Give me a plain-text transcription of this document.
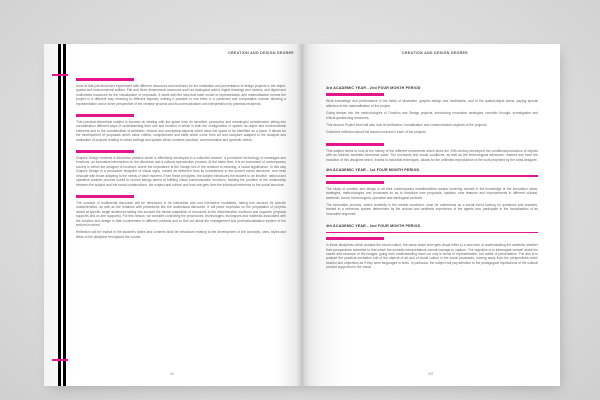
CREATION AND DESIGN DEGREE

Aims at that just about and experiment with different resources and mediums for the realisation and presentation of design projects in the object, spatial and environmental artifact. Flat and three dimensional resources such as analogical and/or digital drawings and models, and digital and multimedia resources for the visualization of proposals. It starts with the idea that each model of representation and materialisation means the project in a different way meaning to different aspects, making it possible to use them in a combined and comparative manner allowing a representation and a richer perspective of the creative process and its communication and interpretation by potential recipients.

This practical-theoretical subject is focused on dealing with the space from its sensitive, perceptive and meaningful consideration taking into consideration different ways of understanding their use and function in which is both the configuration of spaces as object and environmental elements and to the consideration of aesthetic, historic and conceptual aspects which allow the space to be identified as a place. It allows for the development of proposals which value criteria, competences and skills which come from art and sculpture adapted to the analysis and realisation of projects relating to urban settings and spaces which combine practical, communicative and symbolic needs.

Graphic Design receives a discursive practice which is effectively developed in a collective manner, a productive technology of messages and functions, an innovative intervention on the discourse and a cultural reproduction process. At the same time, it is an instrument of contemporary society in which the designer is involved, where the importance is the Design lies in the creation of meaning, a social significance. In this way Graphic Design is a productive discipline of visual signs, named as delivered from its commitment to the current social discourse, and must innovate with those adapting to the needs of each moment. From these principles, the subject introduces the student to an intuitive, rational and operative creative process useful to human beings aimed at fulfilling visual communication functions, tackling the problem of the relationship between the subject and the social constructions, the subject and culture and how one gets from the individual reference to the social structure.

The concept of multimedia discourse will be developed in its interactive and non interactive modalities, taking into account its specific characteristics, as well as the relations with precedents like the audiovisual discourse. It will place emphasis on the preparation of projects aimed at specific target audiences taking into account the formal adaptation of resources to the dissemination mediums and supports (physical supports and on-line supports). For this reason, we consider controlling the procedures, technologies, techniques and materials associated with the creation and design in their involvement in different contexts and to find out about the management and professionalisation system of the sectors involved.

Reflection will be implicit in the student's duties and contents shall be introduced relating to the development of the concepts, uses, styles and fields of the discipline throughout the course.

14
CREATION AND DESIGN DEGREE
3rd ACADEMIC YEAR - 2nd FOUR MONTH PERIOD

Work knowledge and performance in the fields of illustration, graphic design and multimedia, and in the spatial-object arena, paying special attention to the materialisation of the project.

Going deeper into the methodologies of Creation and Design projects, introducing innovation strategies, heuristic thought, investigation and critical questioning resources.

This second Project level will also look at verification, formalisation and communication aspects of the projects.

Collective reflection about the issues involved in each of the projects.

This subject seeks to look at the history of the different movements which since the 19th century developed the conditions/production of objects with an intrinsic aesthetic-functional value. The economic and social conditions, as well as the technological advances, marked and have the evolution of this discipline which, thanks to industrial techniques, allows for the unlimited reproduction of the work projected by the artist-designer.

4th ACADEMIC YEAR - 1st FOUR MONTH PERIOD

The study of creation and design in all their contemporary manifestations means involving oneself in the knowledge of the innovation steps, strategies, methodologies and processes so as to introduce new proposals, updates, new features and improvements in different cultural, aesthetic, social, technological, operative and ideological contexts.

The innovation process, where creativity is the mental conductor, must be understood as a social event looking for questions and answers, framed in a reference system determined by the cultural and aesthetic experience of the agents who participate in the formalisation of an innovative response.

4th ACADEMIC YEAR - 2nd FOUR MONTH PERIOD

In those disciplines which analyse the visual culture, the same vision term gets visual reflex to a new form of understanding the aesthetic whether their perspectives advertise to that which the semiotic interpretations cannot manage to capture. The objective is to interrogate oneself about the nature and structure of the images, going from understanding them not only in terms of representation, but rather of presentation. The aim is to analyse the practical mediation role of the objects of art and of visual culture in the social processes, moving away from the perspectives which studied and objectives as if they were languages or texts. In particular, the subject will pay attention to the pedagogical implications of the cultural product supported in the visual.

107
